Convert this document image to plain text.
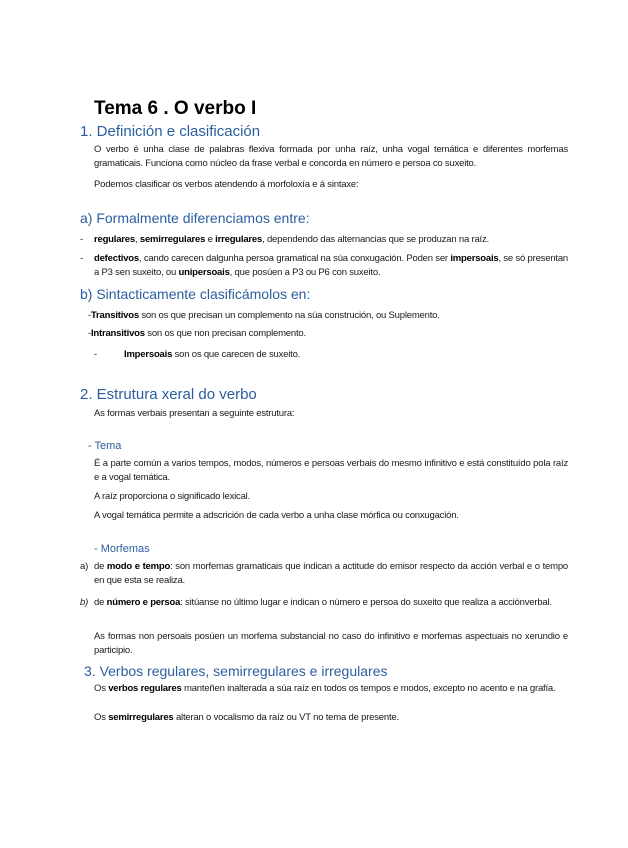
Tema 6 . O verbo I
1. Definición e clasificación
O verbo é unha clase de palabras flexiva formada por unha raíz, unha vogal temática e diferentes morfemas gramaticais. Funciona como núcleo da frase verbal e concorda en número e persoa co suxeito.
Podemos clasificar os verbos atendendo á morfoloxía e á sintaxe:
a) Formalmente diferenciamos entre:
- regulares, semirregulares e irregulares, dependendo das alternancias que se produzan na raíz.
- defectivos, cando carecen dalgunha persoa gramatical na súa conxugación. Poden ser impersoais, se só presentan a P3 sen suxeito, ou unipersoais, que posúen a P3 ou P6 con suxeito.
b) Sintacticamente clasificámolos en:
-Transitivos son os que precisan un complemento na súa construción, ou Suplemento.
-Intransitivos son os que non precisan complemento.
-	Impersoais son os que carecen de suxeito.
2. Estrutura xeral do verbo
As formas verbais presentan a seguinte estrutura:
- Tema
É a parte común a varios tempos, modos, números e persoas verbais do mesmo infinitivo e está constituído pola raíz e a vogal temática.
A raíz proporciona o significado lexical.
A vogal temática permite a adscrición de cada verbo a unha clase mórfica ou conxugación.
- Morfemas
a) de modo e tempo: son morfemas gramaticais que indican a actitude do emisor respecto da acción verbal e o tempo en que esta se realiza.
b) de número e persoa: sitúanse no último lugar e indican o número e persoa do suxeito que realiza a acciónverbal.
As formas non persoais posúen un morfema substancial no caso do infinitivo e morfemas aspectuais no xerundio e participio.
3. Verbos regulares, semirregulares e irregulares
Os verbos regulares manteñen inalterada a súa raíz en todos os tempos e modos, excepto no acento e na grafía.
Os semirregulares alteran o vocalismo da raíz ou VT no tema de presente.
